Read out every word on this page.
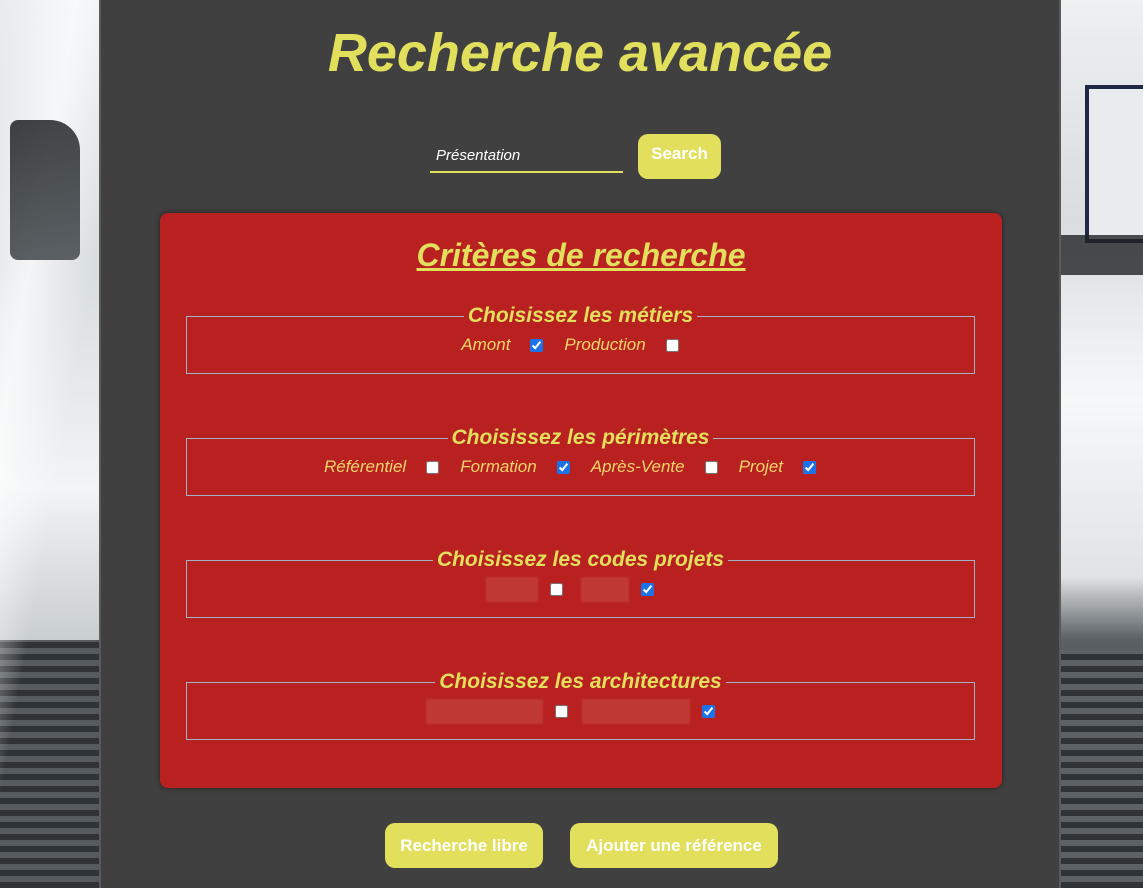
Recherche avancée
Présentation
Search
Critères de recherche
Choisissez les métiers
Amont	Production
Choisissez les périmètres
Référentiel	Formation	Après-Vente	Projet
Choisissez les codes projets
Choisissez les architectures
Recherche libre	Ajouter une référence
